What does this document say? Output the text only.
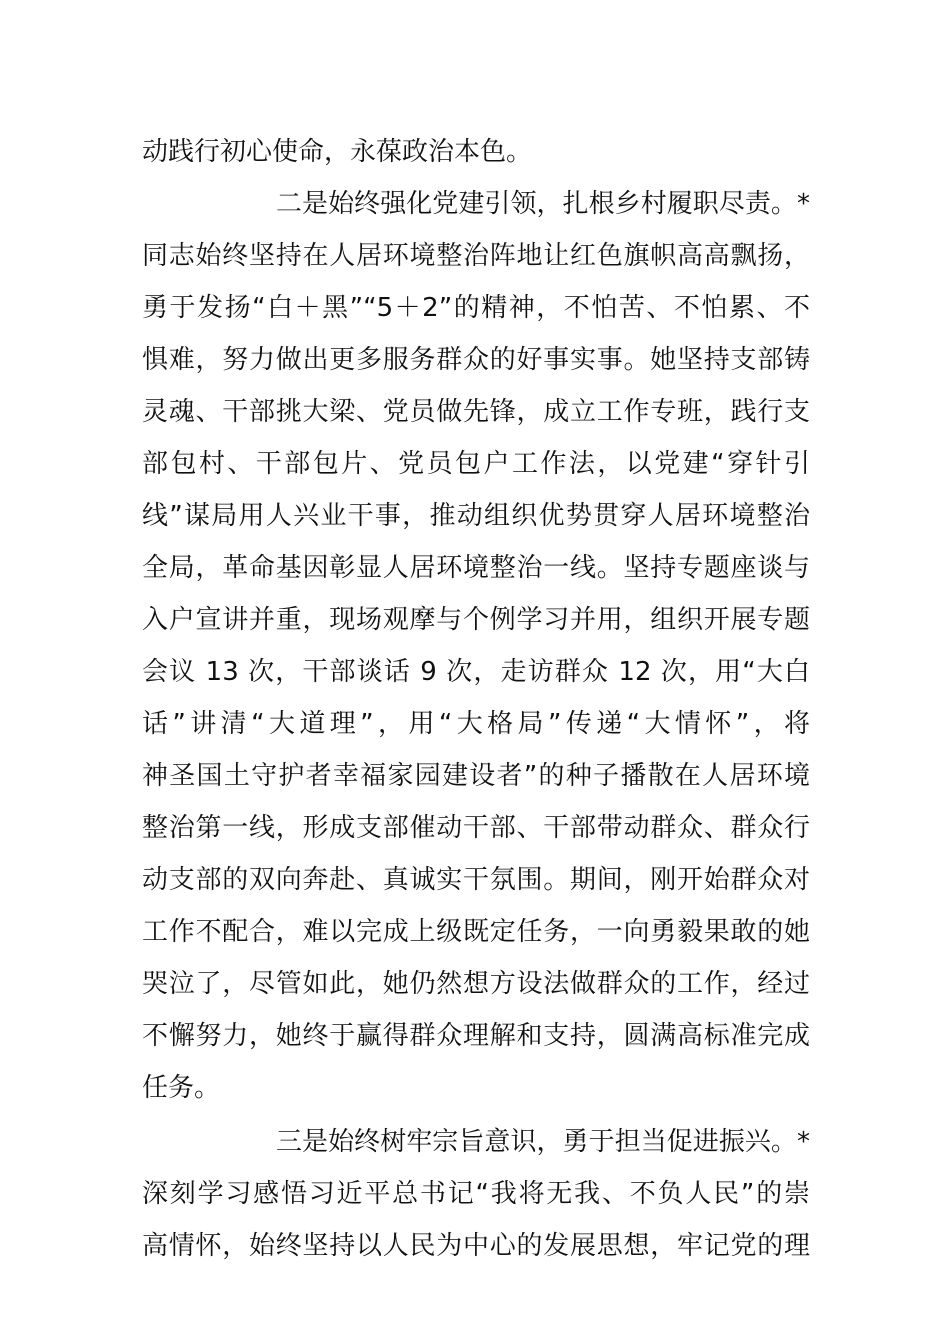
动践行初心使命，永葆政治本色。
二是始终强化党建引领，扎根乡村履职尽责。*
同志始终坚持在人居环境整治阵地让红色旗帜高高飘扬，
勇于发扬“白＋黑”“5＋2”的精神，不怕苦、不怕累、不
惧难，努力做出更多服务群众的好事实事。她坚持支部铸
灵魂、干部挑大梁、党员做先锋，成立工作专班，践行支
部包村、干部包片、党员包户工作法，以党建“穿针引
线”谋局用人兴业干事，推动组织优势贯穿人居环境整治
全局，革命基因彰显人居环境整治一线。坚持专题座谈与
入户宣讲并重，现场观摩与个例学习并用，组织开展专题
会议 13 次，干部谈话 9 次，走访群众 12 次，用“大白
话”讲清“大道理”，用“大格局”传递“大情怀”，将
神圣国土守护者幸福家园建设者”的种子播散在人居环境
整治第一线，形成支部催动干部、干部带动群众、群众行
动支部的双向奔赴、真诚实干氛围。期间，刚开始群众对
工作不配合，难以完成上级既定任务，一向勇毅果敢的她
哭泣了，尽管如此，她仍然想方设法做群众的工作，经过
不懈努力，她终于赢得群众理解和支持，圆满高标准完成
任务。
三是始终树牢宗旨意识，勇于担当促进振兴。*
深刻学习感悟习近平总书记“我将无我、不负人民”的崇
高情怀，始终坚持以人民为中心的发展思想，牢记党的理
